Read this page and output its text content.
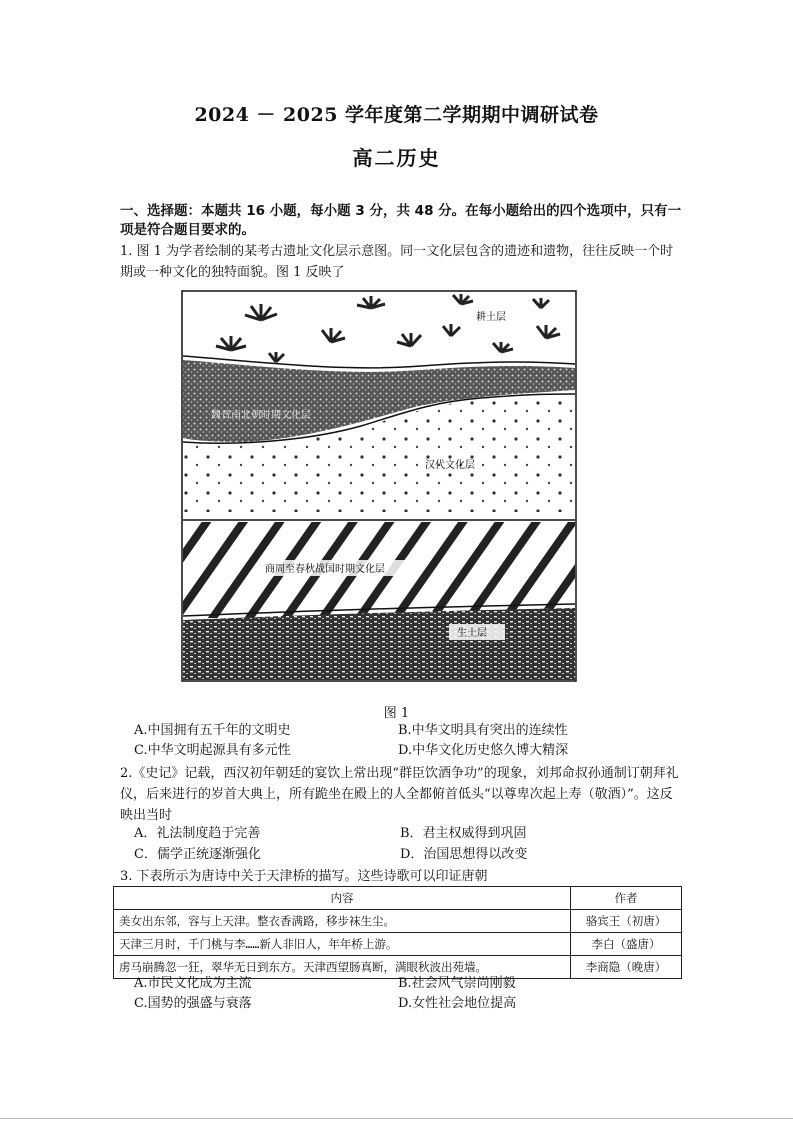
2024 － 2025 学年度第二学期期中调研试卷
高二历史
一、选择题：本题共 16 小题，每小题 3 分，共 48 分。在每小题给出的四个选项中，只有一项是符合题目要求的。
1. 图 1 为学者绘制的某考古遗址文化层示意图。同一文化层包含的遗迹和遗物，往往反映一个时期或一种文化的独特面貌。图 1 反映了
耕土层
魏晋南北朝时期文化层
汉代文化层
商周至春秋战国时期文化层
生土层
图 1
A.中国拥有五千年的文明史	B.中华文明具有突出的连续性
C.中华文明起源具有多元性	D.中华文化历史悠久博大精深
2.《史记》记载，西汉初年朝廷的宴饮上常出现“群臣饮酒争功”的现象，刘邦命叔孙通制订朝拜礼仪，后来进行的岁首大典上，所有跪坐在殿上的人全都俯首低头“以尊卑次起上寿（敬酒）”。这反映出当时
A．礼法制度趋于完善	B．君主权威得到巩固
C．儒学正统逐渐强化	D．治国思想得以改变
3. 下表所示为唐诗中关于天津桥的描写。这些诗歌可以印证唐朝
内容	作者
美女出东邻，容与上天津。整衣香满路，移步袜生尘。	骆宾王（初唐）
天津三月时，千门桃与李……新人非旧人，年年桥上游。	李白（盛唐）
虏马崩腾忽一狂，翠华无日到东方。天津西望肠真断，满眼秋波出苑墙。	李商隐（晚唐）
A.市民文化成为主流	B.社会风气崇尚刚毅
C.国势的强盛与衰落	D.女性社会地位提高
